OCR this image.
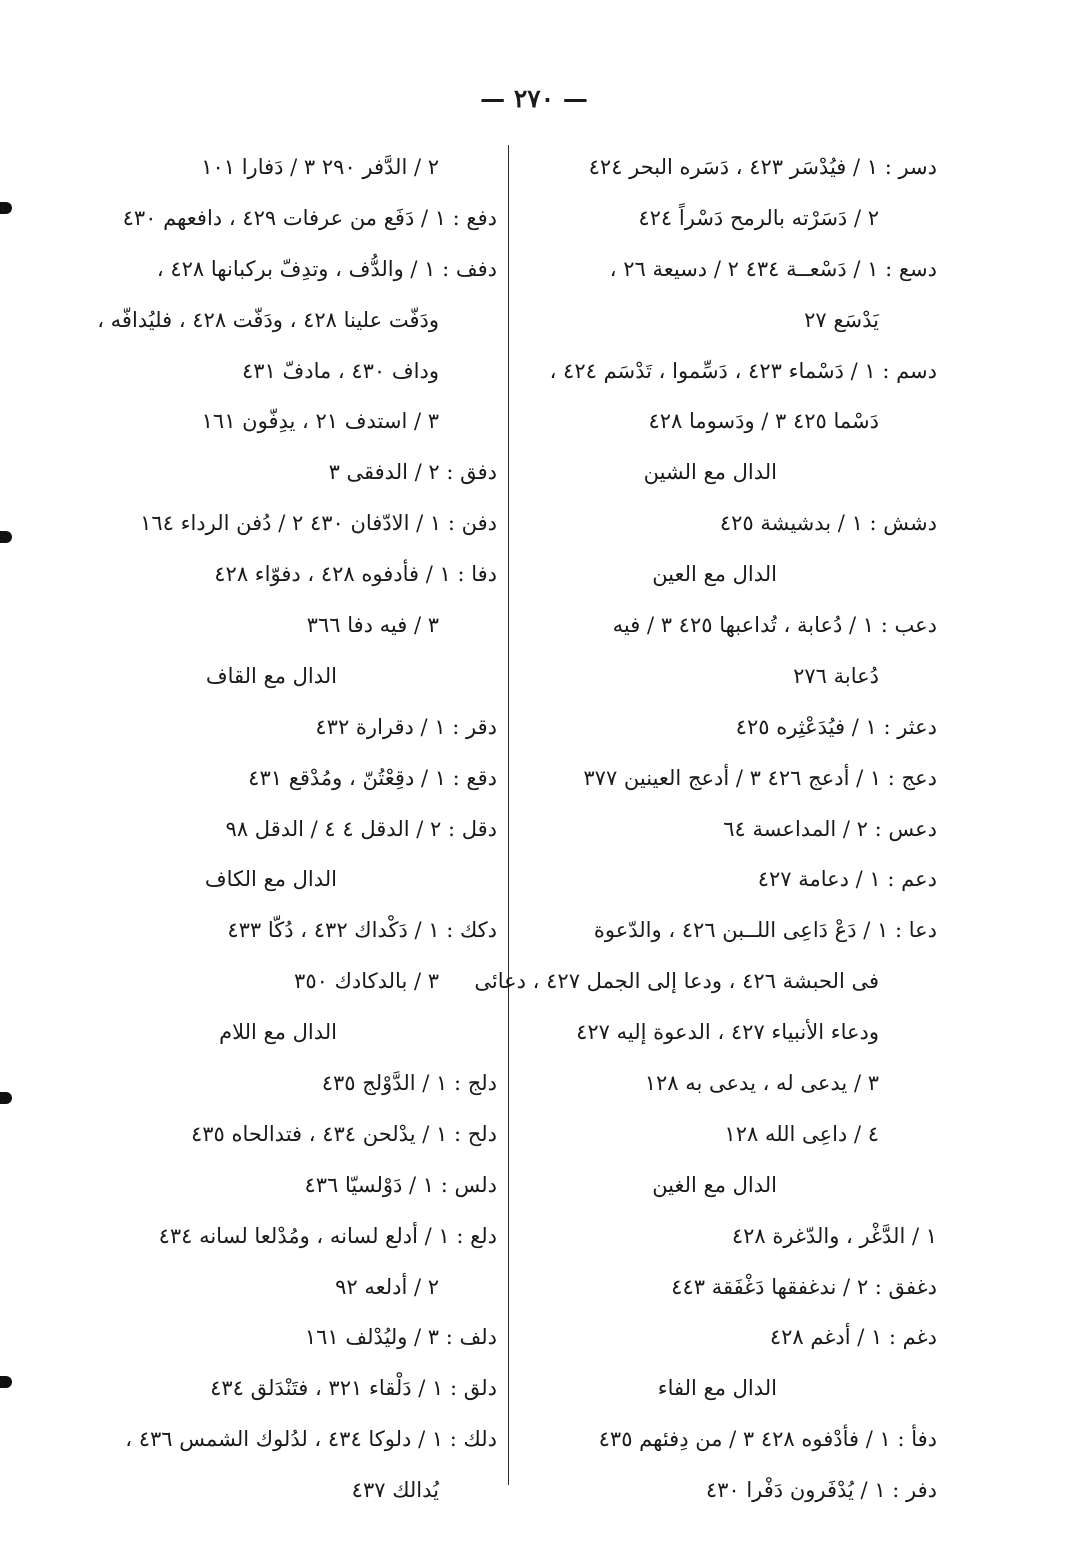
— ٢٧٠ —
دسر : ١ / فيُدْسَر ٤٢٣ ، دَسَره البحر ٤٢٤
٢ / دَسَرْته بالرمح دَسْراً ٤٢٤
دسع : ١ / دَسْعــة ٤٣٤ ٢ / دسيعة ٢٦ ،
يَدْسَع ٢٧
دسم : ١ / دَسْماء ٤٢٣ ، دَسِّموا ، تَدْسَم ٤٢٤ ،
دَسْما ٤٢٥ ٣ / ودَسوما ٤٢٨
الدال مع الشين
دشش : ١ / بدشيشة ٤٢٥
الدال مع العين
دعب : ١ / دُعابة ، تُداعبها ٤٢٥ ٣ / فيه
دُعابة ٢٧٦
دعثر : ١ / فيُدَعْثِره ٤٢٥
دعج : ١ / أدعج ٤٢٦ ٣ / أدعج العينين ٣٧٧
دعس : ٢ / المداعسة ٦٤
دعم : ١ / دعامة ٤٢٧
دعا : ١ / دَعْ دَاعِى اللــبن ٤٢٦ ، والدّعوة
فى الحبشة ٤٢٦ ، ودعا إلى الجمل ٤٢٧ ، دعائى
ودعاء الأنبياء ٤٢٧ ، الدعوة إليه ٤٢٧
٣ / يدعى له ، يدعى به ١٢٨
٤ / داعِى الله ١٢٨
الدال مع الغين
١ / الدَّغْر ، والدّغرة ٤٢٨
دغفق : ٢ / ندغفقها دَغْفَقة ٤٤٣
دغم : ١ / أدغم ٤٢٨
الدال مع الفاء
دفأ : ١ / فأدْفوه ٤٢٨ ٣ / من دِفئهم ٤٣٥
دفر : ١ / يُدْفَرون دَفْرا ٤٣٠
٢ / الدَّفر ٢٩٠ ٣ / دَفارا ١٠١
دفع : ١ / دَفَع من عرفات ٤٢٩ ، دافعهم ٤٣٠
دفف : ١ / والدُّف ، وتدِفّ بركبانها ٤٢٨ ،
ودَفّت علينا ٤٢٨ ، ودَفّت ٤٢٨ ، فليُدافّه ،
وداف ٤٣٠ ، مادفّ ٤٣١
٣ / استدف ٢١ ، يدِفّون ١٦١
دفق : ٢ / الدفقى ٣
دفن : ١ / الادّفان ٤٣٠ ٢ / دُفن الرداء ١٦٤
دفا : ١ / فأدفوه ٤٢٨ ، دفوّاء ٤٢٨
٣ / فيه دفا ٣٦٦
الدال مع القاف
دقر : ١ / دقرارة ٤٣٢
دقع : ١ / دقِعْتُنّ ، ومُدْقع ٤٣١
دقل : ٢ / الدقل ٤ ٤ / الدقل ٩٨
الدال مع الكاف
دكك : ١ / دَكْداك ٤٣٢ ، دُكّا ٤٣٣
٣ / بالدكادك ٣٥٠
الدال مع اللام
دلج : ١ / الدَّوْلج ٤٣٥
دلح : ١ / يدْلحن ٤٣٤ ، فتدالحاه ٤٣٥
دلس : ١ / دَوْلسيّا ٤٣٦
دلع : ١ / أدلع لسانه ، ومُدْلعا لسانه ٤٣٤
٢ / أدلعه ٩٢
دلف : ٣ / وليُدْلف ١٦١
دلق : ١ / دَلْقاء ٣٢١ ، فتَنْدَلق ٤٣٤
دلك : ١ / دلوكا ٤٣٤ ، لدُلوك الشمس ٤٣٦ ،
يُدالك ٤٣٧
